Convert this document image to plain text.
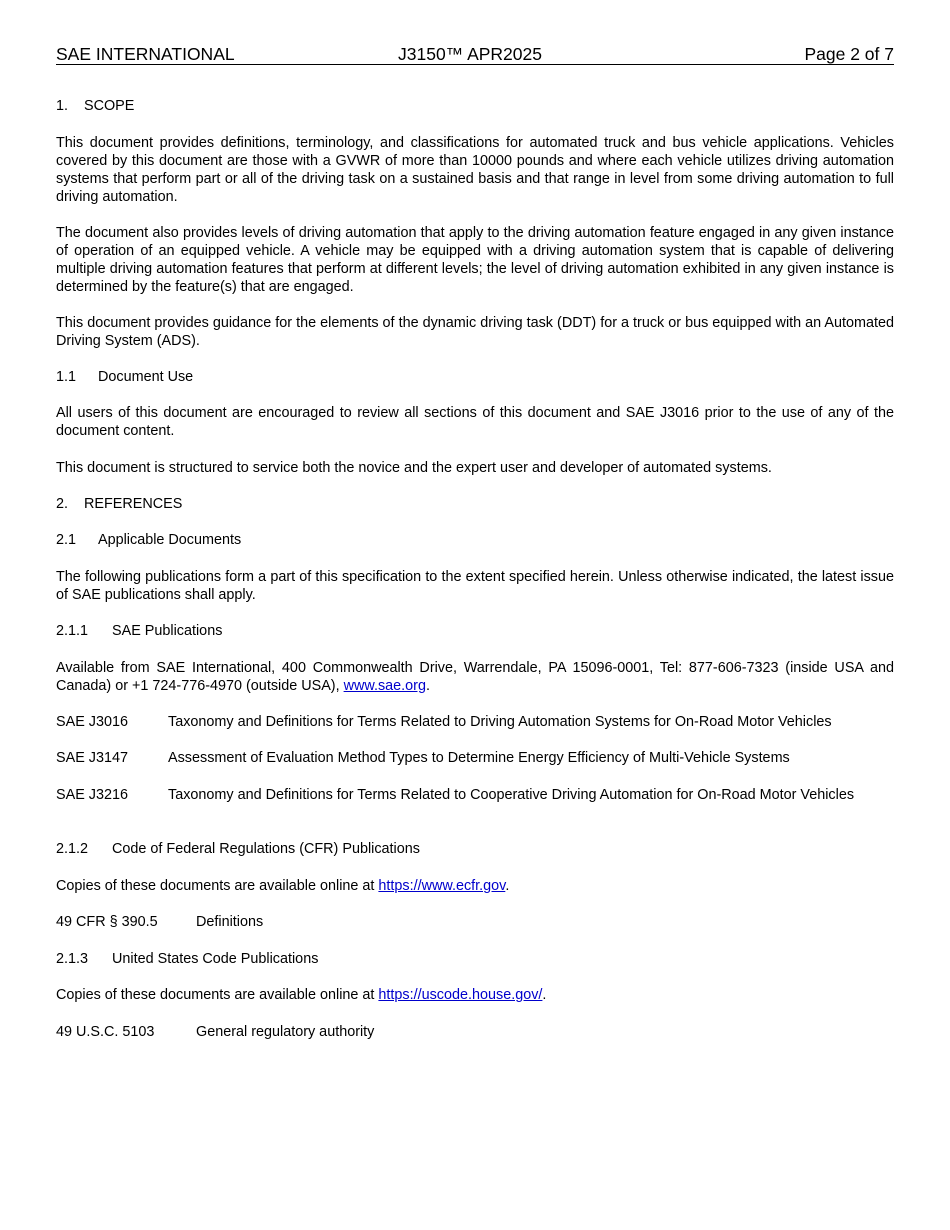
SAE INTERNATIONAL	J3150™ APR2025	Page 2 of 7
1.	SCOPE

This document provides definitions, terminology, and classifications for automated truck and bus vehicle applications. Vehicles covered by this document are those with a GVWR of more than 10000 pounds and where each vehicle utilizes driving automation systems that perform part or all of the driving task on a sustained basis and that range in level from some driving automation to full driving automation.

The document also provides levels of driving automation that apply to the driving automation feature engaged in any given instance of operation of an equipped vehicle. A vehicle may be equipped with a driving automation system that is capable of delivering multiple driving automation features that perform at different levels; the level of driving automation exhibited in any given instance is determined by the feature(s) that are engaged.

This document provides guidance for the elements of the dynamic driving task (DDT) for a truck or bus equipped with an Automated Driving System (ADS).

1.1	Document Use

All users of this document are encouraged to review all sections of this document and SAE J3016 prior to the use of any of the document content.

This document is structured to service both the novice and the expert user and developer of automated systems.

2.	REFERENCES
2.1	Applicable Documents

The following publications form a part of this specification to the extent specified herein. Unless otherwise indicated, the latest issue of SAE publications shall apply.

2.1.1	SAE Publications

Available from SAE International, 400 Commonwealth Drive, Warrendale, PA 15096-0001, Tel: 877-606-7323 (inside USA and Canada) or +1 724-776-4970 (outside USA), www.sae.org.

SAE J3016	Taxonomy and Definitions for Terms Related to Driving Automation Systems for On-Road Motor Vehicles
SAE J3147	Assessment of Evaluation Method Types to Determine Energy Efficiency of Multi-Vehicle Systems
SAE J3216	Taxonomy and Definitions for Terms Related to Cooperative Driving Automation for On-Road Motor Vehicles
2.1.2	Code of Federal Regulations (CFR) Publications

Copies of these documents are available online at https://www.ecfr.gov.

49 CFR § 390.5	Definitions
2.1.3	United States Code Publications

Copies of these documents are available online at https://uscode.house.gov/.

49 U.S.C. 5103	General regulatory authority
